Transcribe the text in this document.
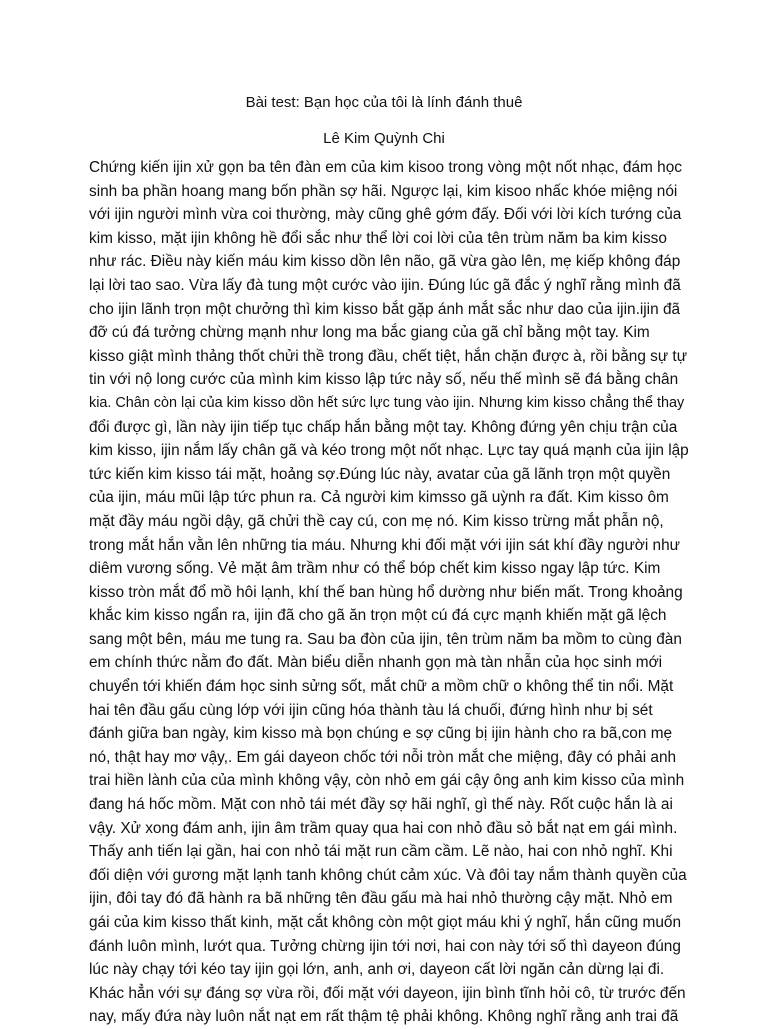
Bài test: Bạn học của tôi là lính đánh thuê
Lê Kim Quỳnh Chi
Chứng kiến ijin xử gọn ba tên đàn em của kim kisoo trong vòng một nốt nhạc, đám học
sinh ba phần hoang mang bốn phần sợ hãi. Ngược lại, kim kisoo nhấc khóe miệng nói
với ijin người mình vừa coi thường, mày cũng ghê gớm đấy. Đối với lời kích tướng của
kim kisso, mặt ijin không hề đổi sắc như thể lời coi lời của tên trùm năm ba kim kisso
như rác. Điều này kiến máu kim kisso dồn lên não, gã vừa gào lên, mẹ kiếp không đáp
lại lời tao sao. Vừa lấy đà tung một cước vào ijin. Đúng lúc gã đắc ý nghĩ rằng mình đã
cho ijin lãnh trọn một chưởng thì kim kisso bắt gặp ánh mắt sắc như dao của ijin.ijin đã
đỡ cú đá tưởng chừng mạnh như long ma bắc giang của gã chỉ bằng một tay. Kim
kisso giật mình thảng thốt chửi thề trong đầu, chết tiệt, hắn chặn được à, rồi bằng sự tự
tin với nộ long cước của mình kim kisso lập tức nảy số, nếu thế mình sẽ đá bằng chân
kia. Chân còn lại của kim kisso dồn hết sức lực tung vào ijin. Nhưng kim kisso chẳng thể thay
đổi được gì, lần này ijin tiếp tục chấp hắn bằng một tay. Không đứng yên chịu trận của
kim kisso, ijin nắm lấy chân gã và kéo trong một nốt nhạc. Lực tay quá mạnh của ijin lập
tức kiến kim kisso tái mặt, hoảng sợ.Đúng lúc này, avatar của gã lãnh trọn một quyền
của ijin, máu mũi lập tức phun ra. Cả người kim kimsso gã uỳnh ra đất. Kim kisso ôm
mặt đầy máu ngồi dậy, gã chửi thề cay cú, con mẹ nó. Kim kisso trừng mắt phẫn nộ,
trong mắt hắn vằn lên những tia máu. Nhưng khi đối mặt với ijin sát khí đầy người như
diêm vương sống. Vẻ mặt âm trầm như có thể bóp chết kim kisso ngay lập tức. Kim
kisso tròn mắt đổ mồ hôi lạnh, khí thế ban hùng hổ dường như biến mất. Trong khoảng
khắc kim kisso ngẩn ra, ijin đã cho gã ăn trọn một cú đá cực mạnh khiến mặt gã lệch
sang một bên, máu me tung ra. Sau ba đòn của ijin, tên trùm năm ba mồm to cùng đàn
em chính thức nằm đo đất. Màn biểu diễn nhanh gọn mà tàn nhẫn của học sinh mới
chuyển tới khiến đám học sinh sửng sốt, mắt chữ a mồm chữ o không thể tin nổi. Mặt
hai tên đầu gấu cùng lớp với ijin cũng hóa thành tàu lá chuối, đứng hình như bị sét
đánh giữa ban ngày, kim kisso mà bọn chúng e sợ cũng bị ijin hành cho ra bã,con mẹ
nó, thật hay mơ vậy,. Em gái dayeon chốc tới nỗi tròn mắt che miệng, đây có phải anh
trai hiền lành của của mình không vậy, còn nhỏ em gái cậy ông anh kim kisso của mình
đang há hốc mồm. Mặt con nhỏ tái mét đầy sợ hãi nghĩ, gì thế này. Rốt cuộc hắn là ai
vậy. Xử xong đám anh, ijin âm trầm quay qua hai con nhỏ đầu sỏ bắt nạt em gái mình.
Thấy anh tiến lại gần, hai con nhỏ tái mặt run cầm cầm. Lẽ nào, hai con nhỏ nghĩ. Khi
đối diện với gương mặt lạnh tanh không chút cảm xúc. Và đôi tay nắm thành quyền của
ijin, đôi tay đó đã hành ra bã những tên đầu gấu mà hai nhỏ thường cậy mặt. Nhỏ em
gái của kim kisso thất kinh, mặt cắt không còn một giọt máu khi ý nghĩ, hắn cũng muốn
đánh luôn mình, lướt qua. Tưởng chừng ijin tới nơi, hai con này tới số thì dayeon đúng
lúc này chạy tới kéo tay ijin gọi lớn, anh, anh ơi, dayeon cất lời ngăn cản dừng lại đi.
Khác hẳn với sự đáng sợ vừa rồi, đối mặt với dayeon, ijin bình tĩnh hỏi cô, từ trước đến
nay, mấy đứa này luôn nắt nạt em rất thậm tệ phải không. Không nghĩ rằng anh trai đã
